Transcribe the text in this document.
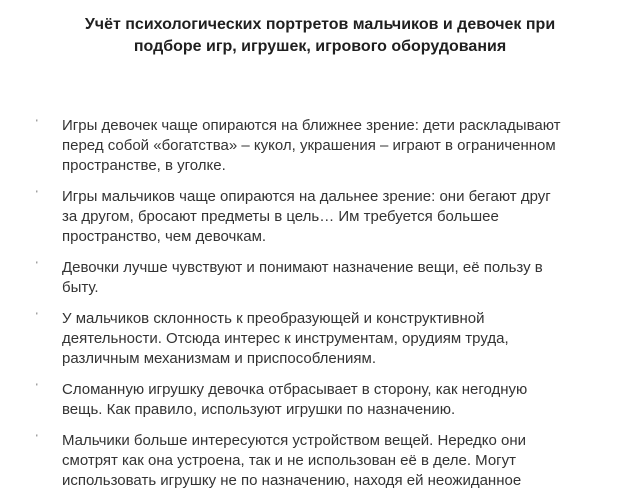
Учёт психологических портретов мальчиков и девочек при
подборе игр, игрушек, игрового оборудования
' Игры девочек чаще опираются на ближнее зрение: дети раскладывают
перед собой «богатства» – кукол, украшения – играют в ограниченном
пространстве, в уголке.
' Игры мальчиков чаще опираются на дальнее зрение: они бегают друг
за другом, бросают предметы в цель… Им требуется большее
пространство, чем девочкам.
' Девочки лучше чувствуют и понимают назначение вещи, её пользу в
быту.
' У мальчиков склонность к преобразующей и конструктивной
деятельности. Отсюда интерес к инструментам, орудиям труда,
различным механизмам и приспособлениям.
' Сломанную игрушку девочка отбрасывает в сторону, как негодную
вещь. Как правило, используют игрушки по назначению.
' Мальчики больше интересуются устройством вещей. Нередко они
смотрят как она устроена, так и не использован её в деле. Могут
использовать игрушку не по назначению, находя ей неожиданное
